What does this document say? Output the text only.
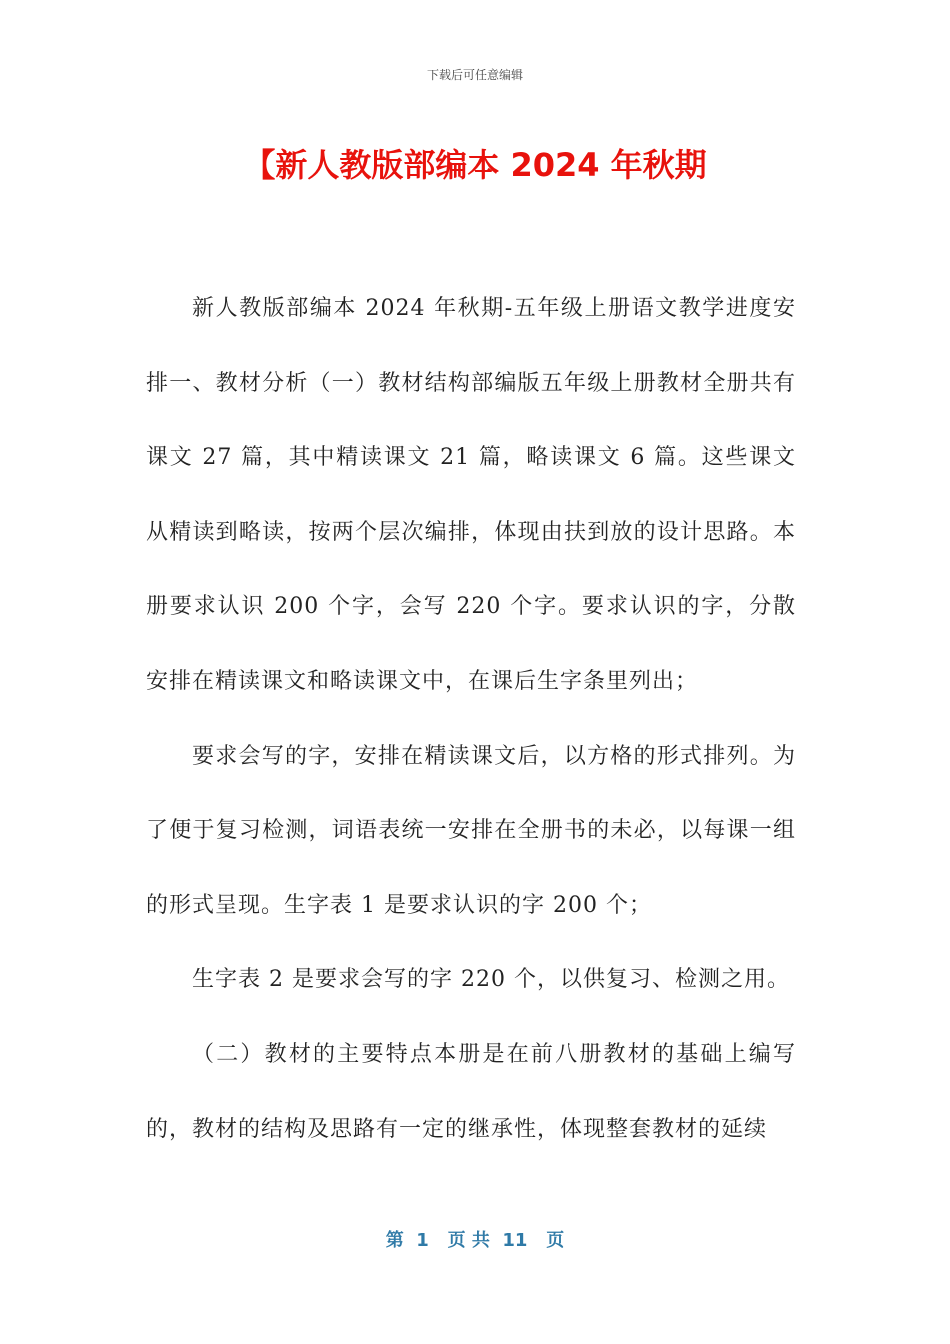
下载后可任意编辑
【新人教版部编本 2024 年秋期

新人教版部编本 2024 年秋期-五年级上册语文教学进度安排一、教材分析（一）教材结构部编版五年级上册教材全册共有课文 27 篇，其中精读课文 21 篇，略读课文 6 篇。这些课文从精读到略读，按两个层次编排，体现由扶到放的设计思路。本册要求认识 200 个字，会写 220 个字。要求认识的字，分散安排在精读课文和略读课文中，在课后生字条里列出；

要求会写的字，安排在精读课文后，以方格的形式排列。为了便于复习检测，词语表统一安排在全册书的未必，以每课一组的形式呈现。生字表 1 是要求认识的字 200 个；

生字表 2 是要求会写的字 220 个，以供复习、检测之用。

（二）教材的主要特点本册是在前八册教材的基础上编写的，教材的结构及思路有一定的继承性，体现整套教材的延续

第  1   页 共  11   页
